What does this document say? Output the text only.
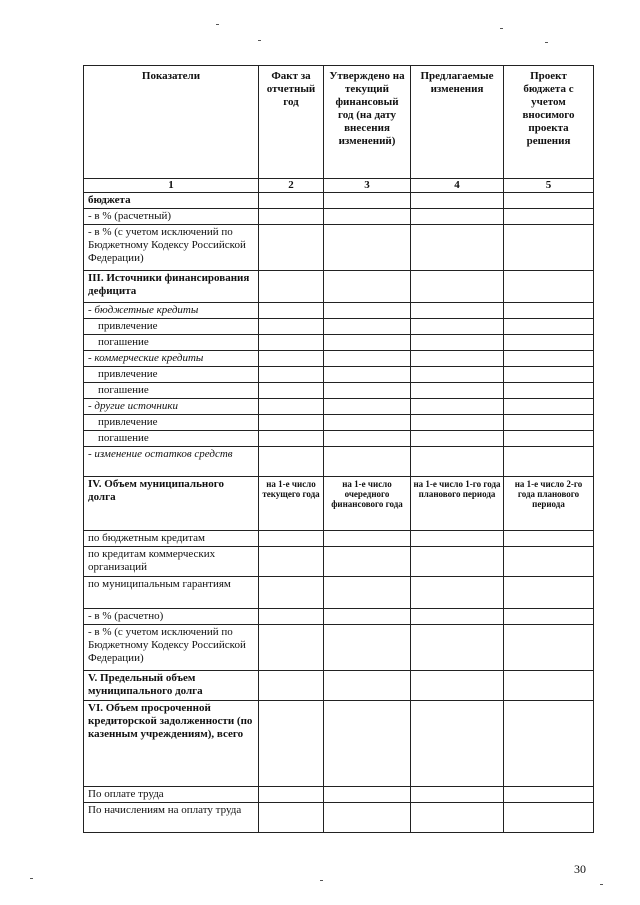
Показатели	Факт за отчетный год	Утверждено на текущий финансовый год (на дату внесения изменений)	Предлагаемые изменения	Проект бюджета с учетом вносимого проекта решения
1	2	3	4	5
бюджета				
- в % (расчетный)				
- в % (с учетом исключений по Бюджетному Кодексу Российской Федерации)				
III. Источники финансирования дефицита				
- бюджетные кредиты				
привлечение				
погашение				
- коммерческие кредиты				
привлечение				
погашение				
- другие источники				
привлечение				
погашение				
- изменение остатков средств				
IV. Объем муниципального долга	на 1-е число текущего года	на 1-е число очередного финансового года	на 1-е число 1-го года планового периода	на 1-е число 2-го года планового периода
по бюджетным кредитам				
по кредитам коммерческих организаций				
по муниципальным гарантиям				
- в % (расчетно)				
- в % (с учетом исключений по Бюджетному Кодексу Российской Федерации)				
V. Предельный объем муниципального долга				
VI. Объем просроченной кредиторской задолженности (по казенным учреждениям), всего				
По оплате труда				
По начислениям на оплату труда				
30
